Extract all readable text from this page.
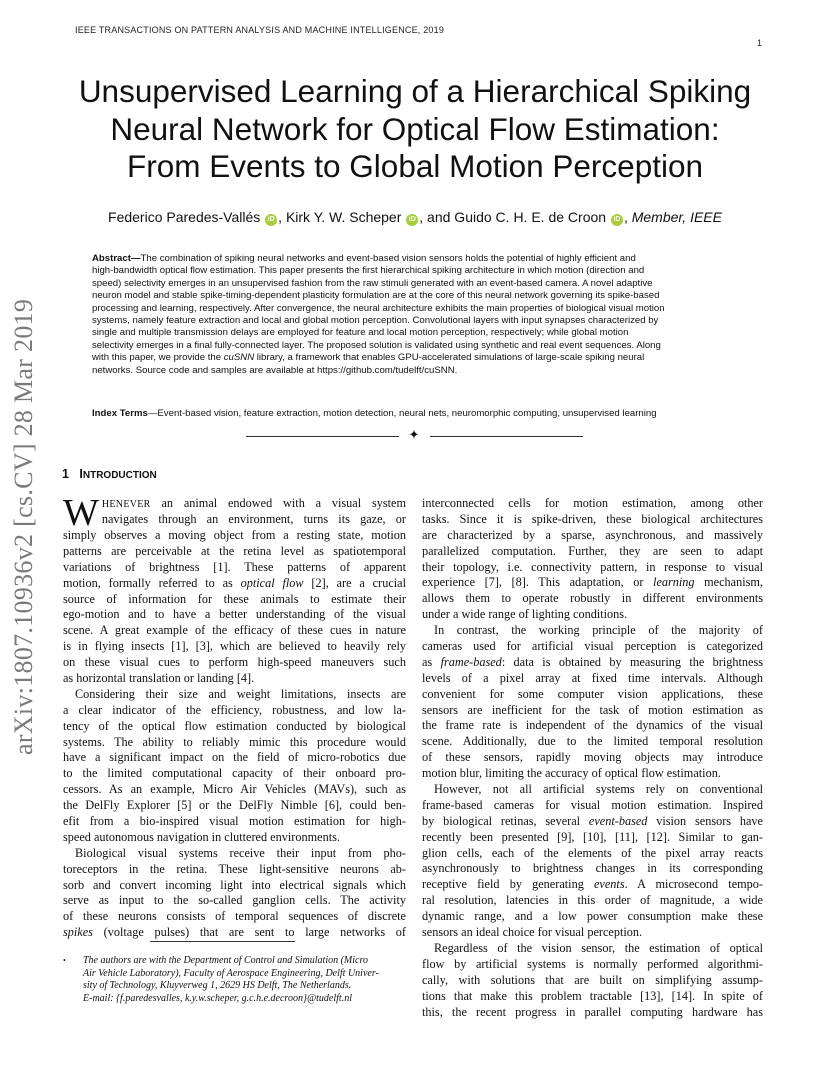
IEEE TRANSACTIONS ON PATTERN ANALYSIS AND MACHINE INTELLIGENCE, 2019
1
arXiv:1807.10936v2 [cs.CV] 28 Mar 2019
Unsupervised Learning of a Hierarchical Spiking
Neural Network for Optical Flow Estimation:
From Events to Global Motion Perception
Federico Paredes-Vallés iD , Kirk Y. W. Scheper iD , and Guido C. H. E. de Croon iD , Member, IEEE
Abstract—The combination of spiking neural networks and event-based vision sensors holds the potential of highly efficient and
high-bandwidth optical flow estimation. This paper presents the first hierarchical spiking architecture in which motion (direction and
speed) selectivity emerges in an unsupervised fashion from the raw stimuli generated with an event-based camera. A novel adaptive
neuron model and stable spike-timing-dependent plasticity formulation are at the core of this neural network governing its spike-based
processing and learning, respectively. After convergence, the neural architecture exhibits the main properties of biological visual motion
systems, namely feature extraction and local and global motion perception. Convolutional layers with input synapses characterized by
single and multiple transmission delays are employed for feature and local motion perception, respectively; while global motion
selectivity emerges in a final fully-connected layer. The proposed solution is validated using synthetic and real event sequences. Along
with this paper, we provide the cuSNN library, a framework that enables GPU-accelerated simulations of large-scale spiking neural
networks. Source code and samples are available at https://github.com/tudelft/cuSNN.
Index Terms—Event-based vision, feature extraction, motion detection, neural nets, neuromorphic computing, unsupervised learning
✦
1 INTRODUCTION
W HENEVER an animal endowed with a visual system
navigates through an environment, turns its gaze, or
simply observes a moving object from a resting state, motion
patterns are perceivable at the retina level as spatiotemporal
variations of brightness [1]. These patterns of apparent
motion, formally referred to as optical flow [2], are a crucial
source of information for these animals to estimate their
ego-motion and to have a better understanding of the visual
scene. A great example of the efficacy of these cues in nature
is in flying insects [1], [3], which are believed to heavily rely
on these visual cues to perform high-speed maneuvers such
as horizontal translation or landing [4].
Considering their size and weight limitations, insects are
a clear indicator of the efficiency, robustness, and low la-
tency of the optical flow estimation conducted by biological
systems. The ability to reliably mimic this procedure would
have a significant impact on the field of micro-robotics due
to the limited computational capacity of their onboard pro-
cessors. As an example, Micro Air Vehicles (MAVs), such as
the DelFly Explorer [5] or the DelFly Nimble [6], could ben-
efit from a bio-inspired visual motion estimation for high-
speed autonomous navigation in cluttered environments.
Biological visual systems receive their input from pho-
toreceptors in the retina. These light-sensitive neurons ab-
sorb and convert incoming light into electrical signals which
serve as input to the so-called ganglion cells. The activity
of these neurons consists of temporal sequences of discrete
spikes (voltage pulses) that are sent to large networks of
interconnected cells for motion estimation, among other
tasks. Since it is spike-driven, these biological architectures
are characterized by a sparse, asynchronous, and massively
parallelized computation. Further, they are seen to adapt
their topology, i.e. connectivity pattern, in response to visual
experience [7], [8]. This adaptation, or learning mechanism,
allows them to operate robustly in different environments
under a wide range of lighting conditions.
In contrast, the working principle of the majority of
cameras used for artificial visual perception is categorized
as frame-based: data is obtained by measuring the brightness
levels of a pixel array at fixed time intervals. Although
convenient for some computer vision applications, these
sensors are inefficient for the task of motion estimation as
the frame rate is independent of the dynamics of the visual
scene. Additionally, due to the limited temporal resolution
of these sensors, rapidly moving objects may introduce
motion blur, limiting the accuracy of optical flow estimation.
However, not all artificial systems rely on conventional
frame-based cameras for visual motion estimation. Inspired
by biological retinas, several event-based vision sensors have
recently been presented [9], [10], [11], [12]. Similar to gan-
glion cells, each of the elements of the pixel array reacts
asynchronously to brightness changes in its corresponding
receptive field by generating events. A microsecond tempo-
ral resolution, latencies in this order of magnitude, a wide
dynamic range, and a low power consumption make these
sensors an ideal choice for visual perception.
Regardless of the vision sensor, the estimation of optical
flow by artificial systems is normally performed algorithmi-
cally, with solutions that are built on simplifying assump-
tions that make this problem tractable [13], [14]. In spite of
this, the recent progress in parallel computing hardware has
• The authors are with the Department of Control and Simulation (Micro
Air Vehicle Laboratory), Faculty of Aerospace Engineering, Delft Univer-
sity of Technology, Kluyverweg 1, 2629 HS Delft, The Netherlands.
E-mail: {f.paredesvalles, k.y.w.scheper, g.c.h.e.decroon}@tudelft.nl
